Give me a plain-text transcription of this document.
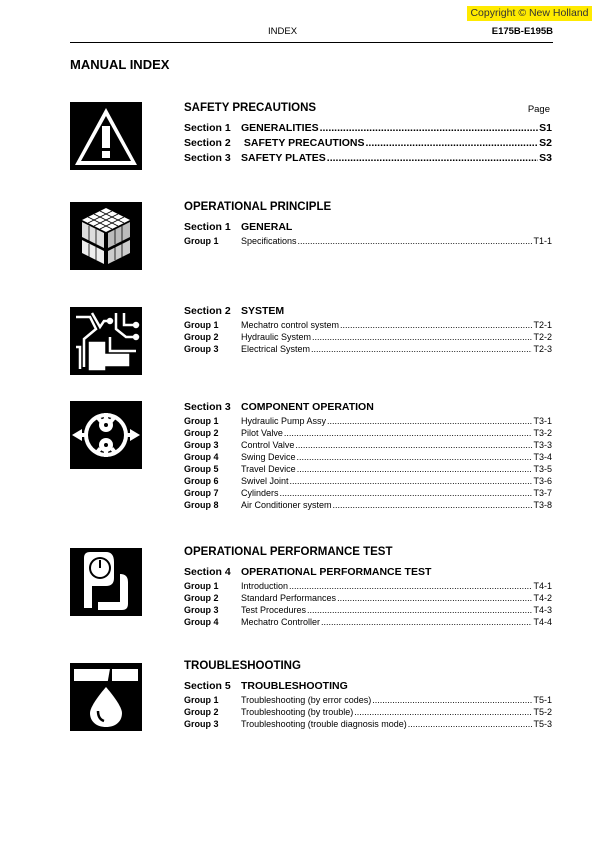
Copyright © New Holland
INDEX	E175B-E195B
MANUAL INDEX
SAFETY PRECAUTIONS	Page
Section 1 GENERALITIES .....	S1
Section 2 SAFETY PRECAUTIONS .....	S2
Section 3 SAFETY PLATES .....	S3
OPERATIONAL PRINCIPLE
Section 1 GENERAL
Group 1	Specifications .....	T1-1
Section 2 SYSTEM
Group 1	Mechatro control system .....	T2-1
Group 2	Hydraulic System .....	T2-2
Group 3	Electrical System .....	T2-3
Section 3 COMPONENT OPERATION
Group 1	Hydraulic Pump Assy .....	T3-1
Group 2	Pilot Valve .....	T3-2
Group 3	Control Valve .....	T3-3
Group 4	Swing Device .....	T3-4
Group 5	Travel Device .....	T3-5
Group 6	Swivel Joint .....	T3-6
Group 7	Cylinders .....	T3-7
Group 8	Air Conditioner system .....	T3-8
OPERATIONAL PERFORMANCE TEST
Section 4 OPERATIONAL PERFORMANCE TEST
Group 1	Introduction .....	T4-1
Group 2	Standard Performances .....	T4-2
Group 3	Test Procedures .....	T4-3
Group 4	Mechatro Controller .....	T4-4
TROUBLESHOOTING
Section 5 TROUBLESHOOTING
Group 1	Troubleshooting (by error codes) .....	T5-1
Group 2	Troubleshooting (by trouble) .....	T5-2
Group 3	Troubleshooting (trouble diagnosis mode) .....	T5-3
